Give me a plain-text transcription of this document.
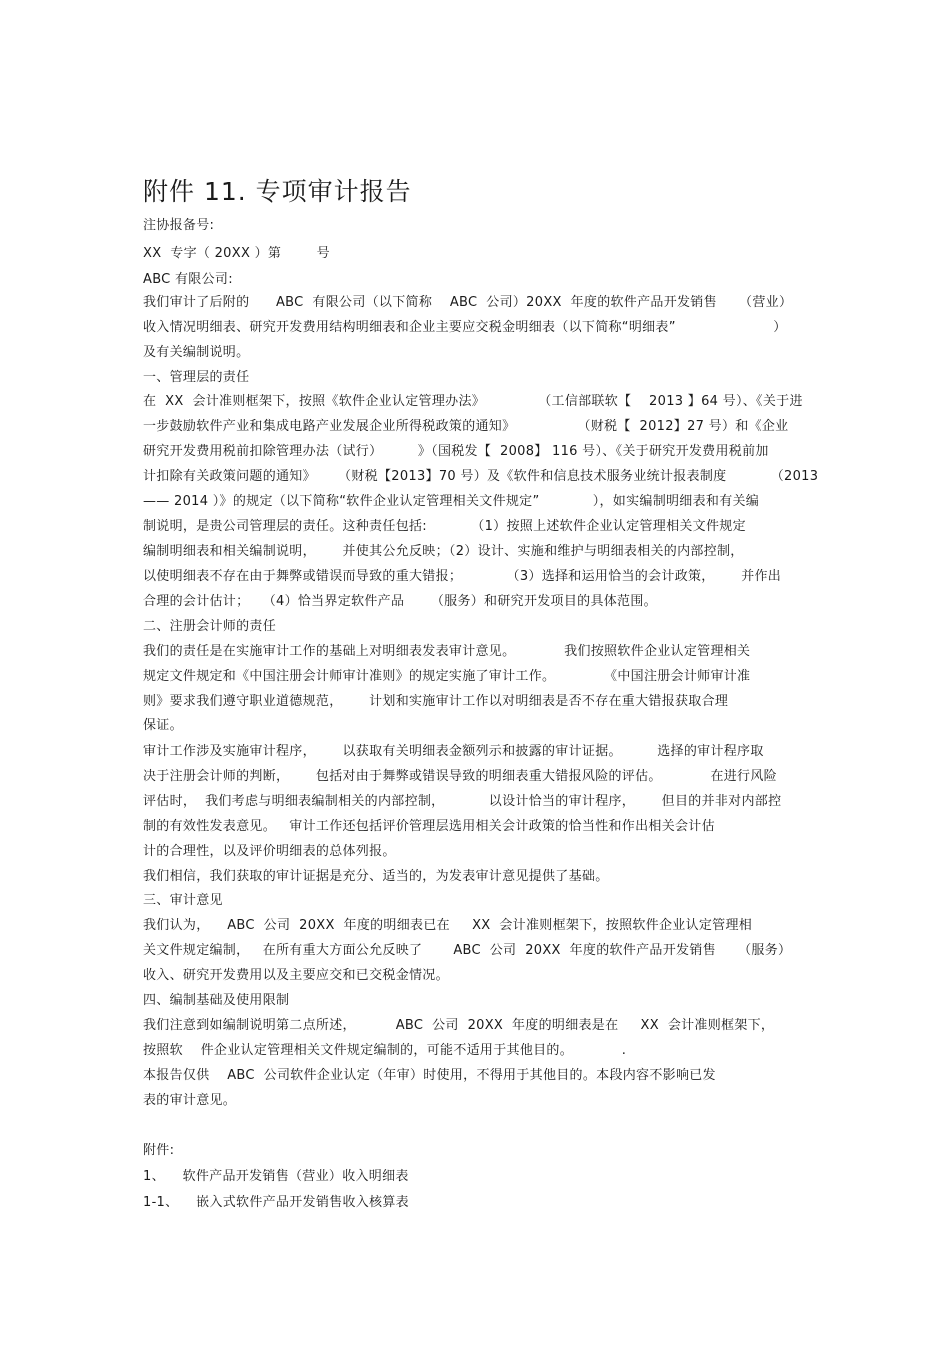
附件 11. 专项审计报告
注协报备号:
XX  专字（ 20XX ）第        号
ABC 有限公司:
我们审计了后附的      ABC  有限公司（以下简称    ABC  公司）20XX  年度的软件产品开发销售     （营业）
收入情况明细表、研究开发费用结构明细表和企业主要应交税金明细表（以下简称“明细表”                      ）
及有关编制说明。
一、管理层的责任
在  XX  会计准则框架下，按照《软件企业认定管理办法》            （工信部联软【    2013 】64 号）、《关于进
一步鼓励软件产业和集成电路产业发展企业所得税政策的通知》              （财税【  2012】27 号）和《企业
研究开发费用税前扣除管理办法（试行）        》（国税发【  2008】 116 号）、《关于研究开发费用税前加
计扣除有关政策问题的通知》     （财税【2013】70 号）及《软件和信息技术服务业统计报表制度          （2013
—— 2014 ）》的规定（以下简称“软件企业认定管理相关文件规定”            ），如实编制明细表和有关编
制说明，是贵公司管理层的责任。这种责任包括:          （1）按照上述软件企业认定管理相关文件规定
编制明细表和相关编制说明，      并使其公允反映；（2）设计、实施和维护与明细表相关的内部控制，
以使明细表不存在由于舞弊或错误而导致的重大错报；          （3）选择和运用恰当的会计政策，      并作出
合理的会计估计；   （4）恰当界定软件产品      （服务）和研究开发项目的具体范围。
二、注册会计师的责任
我们的责任是在实施审计工作的基础上对明细表发表审计意见。           我们按照软件企业认定管理相关
规定文件规定和《中国注册会计师审计准则》的规定实施了审计工作。           《中国注册会计师审计准
则》要求我们遵守职业道德规范，      计划和实施审计工作以对明细表是否不存在重大错报获取合理
保证。
审计工作涉及实施审计程序，      以获取有关明细表金额列示和披露的审计证据。        选择的审计程序取
决于注册会计师的判断，      包括对由于舞弊或错误导致的明细表重大错报风险的评估。           在进行风险
评估时，  我们考虑与明细表编制相关的内部控制，          以设计恰当的审计程序，      但目的并非对内部控
制的有效性发表意见。   审计工作还包括评价管理层选用相关会计政策的恰当性和作出相关会计估
计的合理性，以及评价明细表的总体列报。
我们相信，我们获取的审计证据是充分、适当的，为发表审计意见提供了基础。
三、审计意见
我们认为，    ABC  公司  20XX  年度的明细表已在     XX  会计准则框架下，按照软件企业认定管理相
关文件规定编制，   在所有重大方面公允反映了       ABC  公司  20XX  年度的软件产品开发销售     （服务）
收入、研究开发费用以及主要应交和已交税金情况。
四、编制基础及使用限制
我们注意到如编制说明第二点所述，         ABC  公司  20XX  年度的明细表是在     XX  会计准则框架下，
按照软    件企业认定管理相关文件规定编制的，可能不适用于其他目的。           .
本报告仅供    ABC  公司软件企业认定（年审）时使用，不得用于其他目的。本段内容不影响已发
表的审计意见。
附件:
1、    软件产品开发销售（营业）收入明细表
1-1、    嵌入式软件产品开发销售收入核算表
